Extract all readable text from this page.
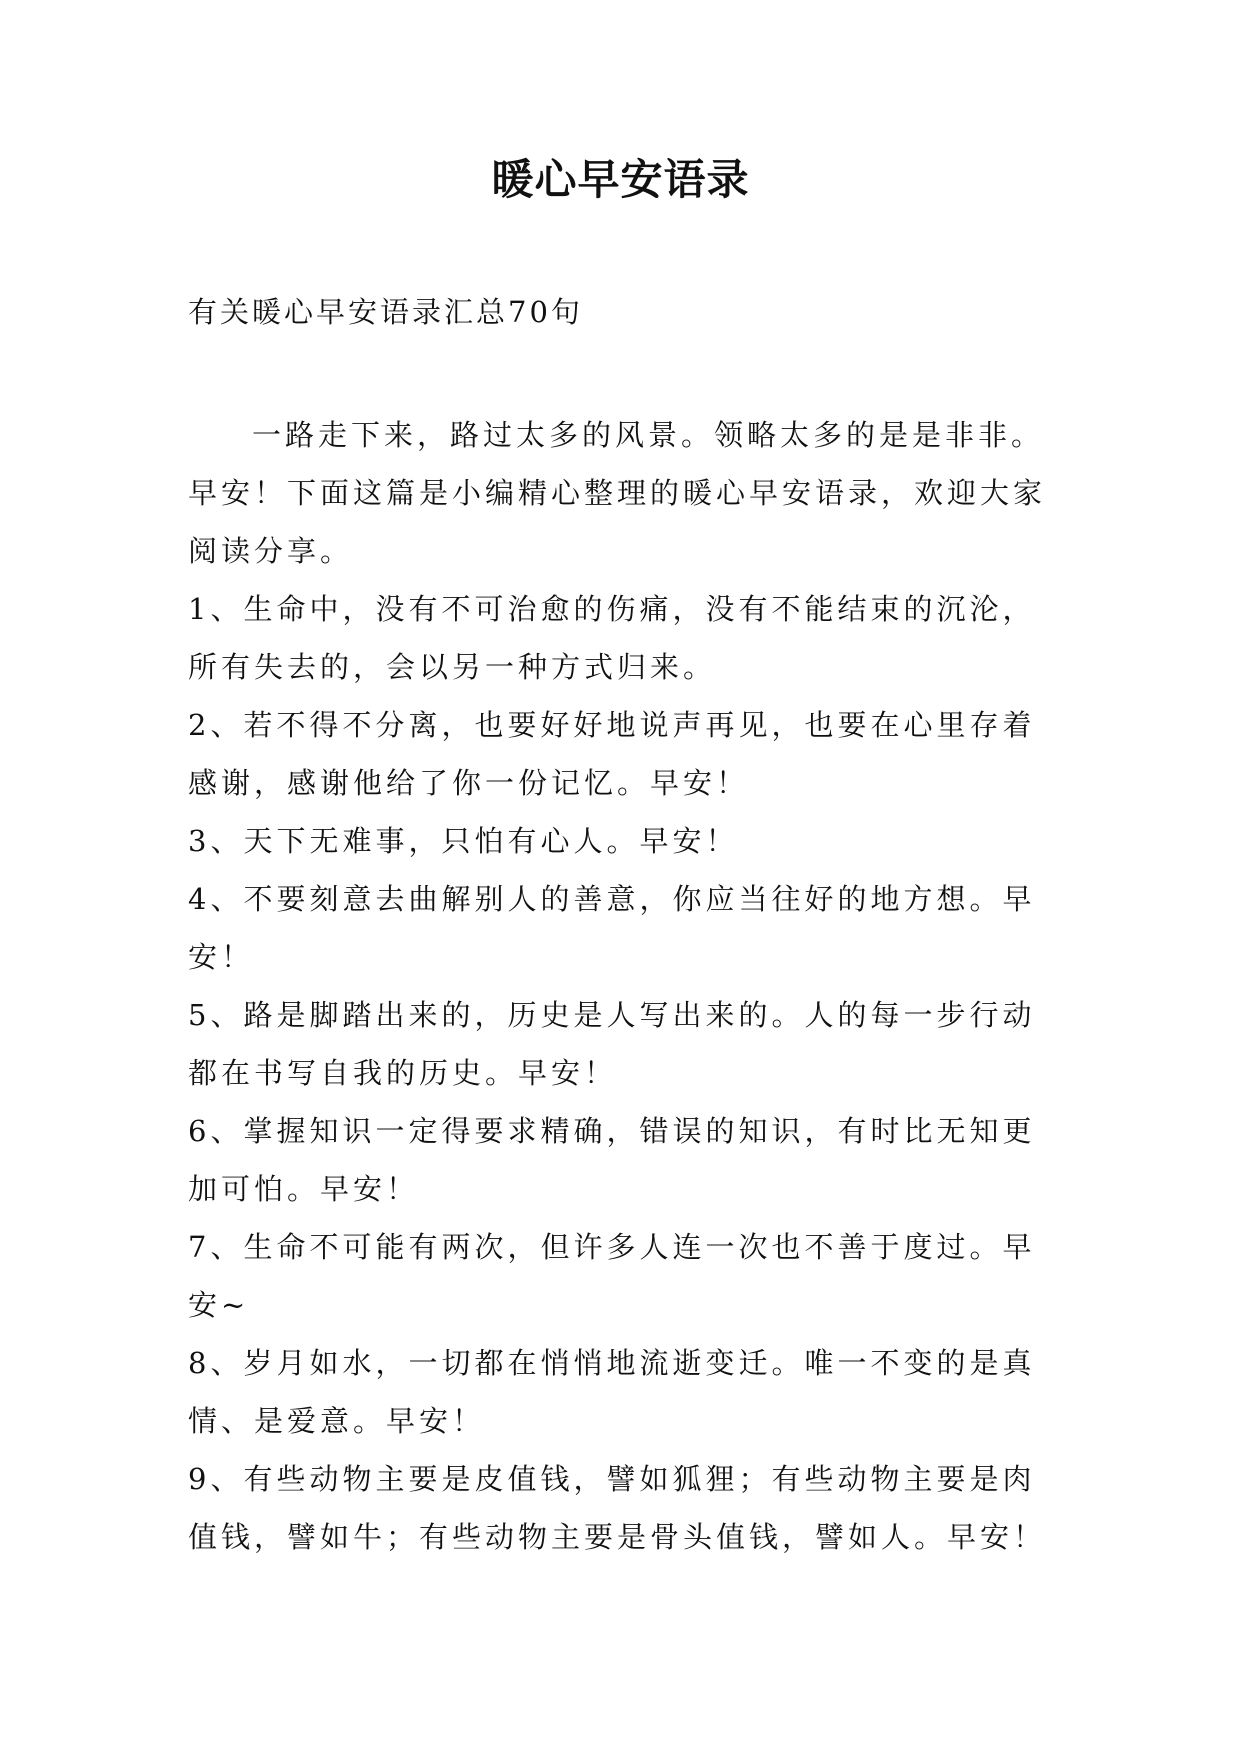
暖心早安语录
有关暖心早安语录汇总70句

一路走下来，路过太多的风景。领略太多的是是非非。早安！下面这篇是小编精心整理的暖心早安语录，欢迎大家阅读分享。

1、生命中，没有不可治愈的伤痛，没有不能结束的沉沦，所有失去的，会以另一种方式归来。

2、若不得不分离，也要好好地说声再见，也要在心里存着感谢，感谢他给了你一份记忆。早安！

3、天下无难事，只怕有心人。早安！

4、不要刻意去曲解别人的善意，你应当往好的地方想。早安！

5、路是脚踏出来的，历史是人写出来的。人的每一步行动都在书写自我的历史。早安！

6、掌握知识一定得要求精确，错误的知识，有时比无知更加可怕。早安！

7、生命不可能有两次，但许多人连一次也不善于度过。早安~

8、岁月如水，一切都在悄悄地流逝变迁。唯一不变的是真情、是爱意。早安！

9、有些动物主要是皮值钱，譬如狐狸；有些动物主要是肉值钱，譬如牛；有些动物主要是骨头值钱，譬如人。早安！
